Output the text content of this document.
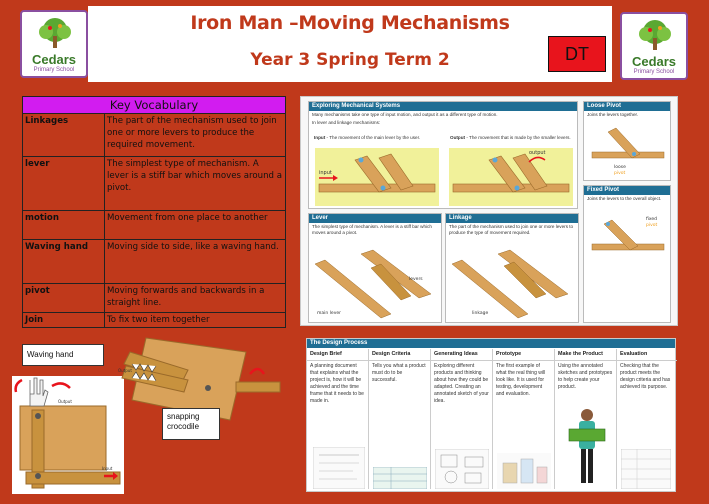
Iron Man –Moving Mechanisms
Year 3 Spring Term 2	DT
Cedars
Primary School
Cedars
Primary School
Key Vocabulary	
Linkages	The part of the mechanism used to join one or more levers to produce the required movement.
lever	The simplest type of mechanism. A lever is a stiff bar which moves around a pivot.
motion	Movement from one place to another
Waving hand	Moving side to side, like a waving hand.
pivot	Moving forwards and backwards in a straight line.
Join	To fix two item together
Waving hand
Output
Input
Output
snapping crocodile
Exploring Mechanical Systems
Many mechanisms take one type of input motion, and output it as a different type of motion.
In lever and linkage mechanisms:
Input - The movement of the main lever by the user.	Output - The movement that is made by the smaller levers.
input
output
Loose Pivot
Joins the levers together.
loose
pivot
Fixed Pivot
Joins the levers to the overall object.
fixed
pivot
Lever
The simplest type of mechanism. A lever is a stiff bar which moves around a pivot.
levers
main lever
Linkage
The part of the mechanism used to join one or more levers to produce the type of movement required.
linkage
The Design Process
Design Brief
A planning document that explains what the project is, how it will be achieved and the time frame that it needs to be made in.
Design Criteria
Tells you what a product must do to be successful.
Generating Ideas
Exploring different products and thinking about how they could be adapted. Creating an annotated sketch of your idea.
Prototype
The first example of what the real thing will look like. It is used for testing, development and evaluation.
Make the Product
Using the annotated sketches and prototypes to help create your product.
Evaluation
Checking that the product meets the design criteria and has achieved its purpose.
